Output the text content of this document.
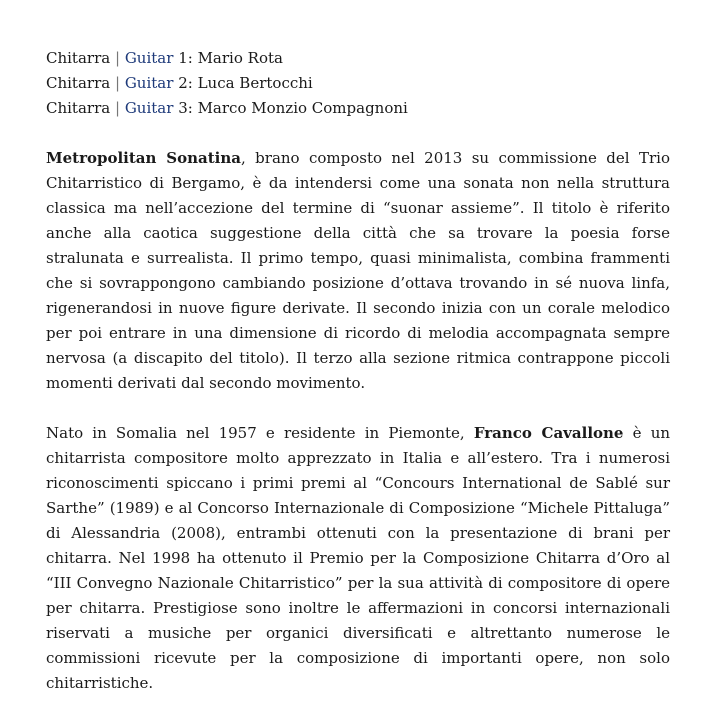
Chitarra | Guitar 1: Mario Rota
Chitarra | Guitar 2: Luca Bertocchi
Chitarra | Guitar 3: Marco Monzio Compagnoni

Metropolitan Sonatina, brano composto nel 2013 su commissione del Trio Chitarristico di Bergamo, è da intendersi come una sonata non nella struttura classica ma nell’accezione del termine di “suonar assieme”. Il titolo è riferito anche alla caotica suggestione della città che sa trovare la poesia forse stralunata e surrealista. Il primo tempo, quasi minimalista, combina frammenti che si sovrappongono cambiando posizione d’ottava trovando in sé nuova linfa, rigenerandosi in nuove figure derivate. Il secondo inizia con un corale melodico per poi entrare in una dimensione di ricordo di melodia accompagnata sempre nervosa (a discapito del titolo). Il terzo alla sezione ritmica contrappone piccoli momenti derivati dal secondo movimento.

Nato in Somalia nel 1957 e residente in Piemonte, Franco Cavallone è un chitarrista compositore molto apprezzato in Italia e all’estero. Tra i numerosi riconoscimenti spiccano i primi premi al “Concours International de Sablé sur Sarthe” (1989) e al Concorso Internazionale di Composizione “Michele Pittaluga” di Alessandria (2008), entrambi ottenuti con la presentazione di brani per chitarra. Nel 1998 ha ottenuto il Premio per la Composizione Chitarra d’Oro al “III Convegno Nazionale Chitarristico” per la sua attività di compositore di opere per chitarra. Prestigiose sono inoltre le affermazioni in concorsi internazionali riservati a musiche per organici diversificati e altrettanto numerose le commissioni ricevute per la composizione di importanti opere, non solo chitarristiche.
